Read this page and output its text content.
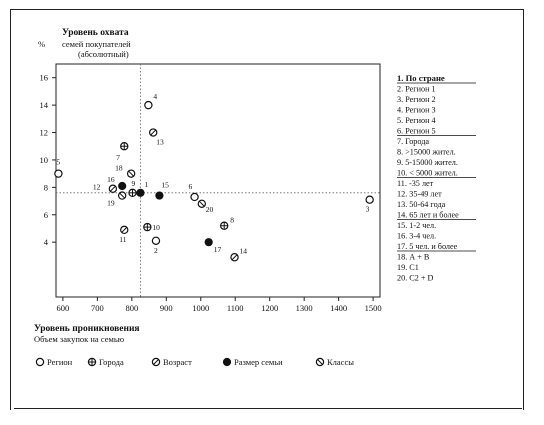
Уровень охвата
% семей покупателей
(абсолютный)
600	700	800	900 1000 1100 1200 1300 1400 1500
4
6
8
10
12
14
16
1
2
3
4
5
6
7
8
9
10
11
12
13
14
15
16
17
18
19
20
Уровень проникновения
Объем закупок на семью
Регион	Города	Возраст	Размер семьи	Классы
1. По стране
2. Регион 1
3. Регион 2
4. Регион 3
5. Регион 4
6. Регион 5
7. Города
8. >15000 жител.
9. 5-15000 жител.
10. < 5000 жител.
11. -35 лет
12. 35-49 лет
13. 50-64 года
14. 65 лет и более
15. 1-2 чел.
16. 3-4 чел.
17. 5 чел. и более
18. А + В
19. С1
20. С2 + D
